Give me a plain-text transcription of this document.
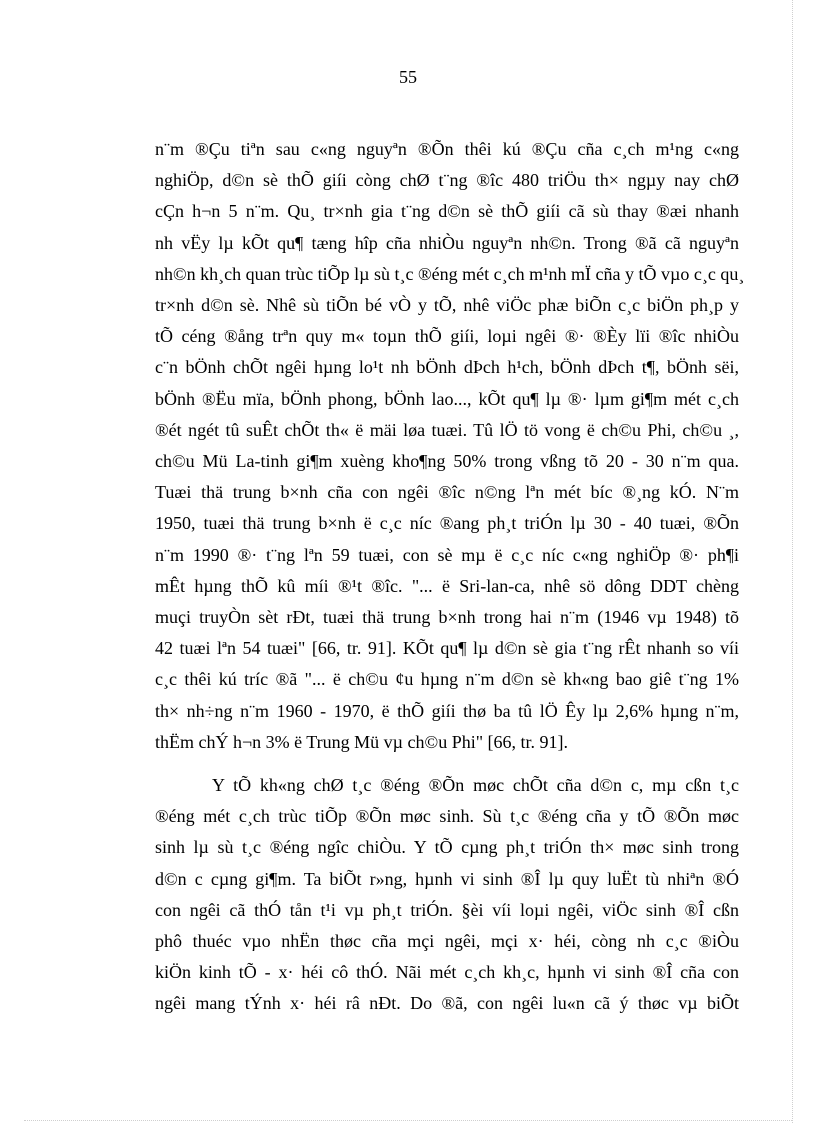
55

n¨m ®Çu tiªn sau c«ng nguyªn ®Õn thêi kú ®Çu cña c¸ch m¹ng c«ng
nghiÖp, d©n sè thÕ giíi còng chØ t¨ng ®îc 480 triÖu th× ngµy nay chØ
cÇn h¬n 5 n¨m. Qu¸ tr×nh gia t¨ng d©n sè thÕ giíi cã sù thay ®æi nhanh
nh vËy lµ kÕt qu¶ tæng hîp cña nhiÒu nguyªn nh©n. Trong ®ã cã nguyªn
nh©n kh¸ch quan trùc tiÕp lµ sù t¸c ®éng mét c¸ch m¹nh mÏ cña y tÕ vµo c¸c qu¸
tr×nh d©n sè. Nhê sù tiÕn bé vÒ y tÕ, nhê viÖc phæ biÕn c¸c biÖn ph¸p y
tÕ céng ®ång trªn quy m« toµn thÕ giíi, loµi ngêi ®· ®Èy lïi ®îc nhiÒu
c¨n bÖnh chÕt ngêi hµng lo¹t nh bÖnh dÞch h¹ch, bÖnh dÞch t¶, bÖnh sëi,
bÖnh ®Ëu mïa, bÖnh phong, bÖnh lao..., kÕt qu¶ lµ ®· lµm gi¶m mét c¸ch
®ét ngét tû suÊt chÕt th« ë mäi løa tuæi. Tû lÖ tö vong ë ch©u Phi, ch©u ¸,
ch©u Mü La-tinh gi¶m xuèng kho¶ng 50% trong vßng tõ 20 - 30 n¨m qua.
Tuæi thä trung b×nh cña con ngêi ®îc n©ng lªn mét bíc ®¸ng kÓ. N¨m
1950, tuæi thä trung b×nh ë c¸c níc ®ang ph¸t triÓn lµ 30 - 40 tuæi, ®Õn
n¨m 1990 ®· t¨ng lªn 59 tuæi, con sè mµ ë c¸c níc c«ng nghiÖp ®· ph¶i
mÊt hµng thÕ kû míi ®¹t ®îc. "... ë Sri-lan-ca, nhê sö dông DDT chèng
muçi truyÒn sèt rÐt, tuæi thä trung b×nh trong hai n¨m (1946 vµ 1948) tõ
42 tuæi lªn 54 tuæi" [66, tr. 91]. KÕt qu¶ lµ d©n sè gia t¨ng rÊt nhanh so víi
c¸c thêi kú tríc ®ã "... ë ch©u ¢u hµng n¨m d©n sè kh«ng bao giê t¨ng 1%
th× nh÷ng n¨m 1960 - 1970, ë thÕ giíi thø ba tû lÖ Êy lµ 2,6% hµng n¨m,
thËm chÝ h¬n 3% ë Trung Mü vµ ch©u Phi" [66, tr. 91].

Y tÕ kh«ng chØ t¸c ®éng ®Õn møc chÕt cña d©n c, mµ cßn t¸c
®éng mét c¸ch trùc tiÕp ®Õn møc sinh. Sù t¸c ®éng cña y tÕ ®Õn møc
sinh lµ sù t¸c ®éng ngîc chiÒu. Y tÕ cµng ph¸t triÓn th× møc sinh trong
d©n c cµng gi¶m. Ta biÕt r»ng, hµnh vi sinh ®Î lµ quy luËt tù nhiªn ®Ó
con ngêi cã thÓ tån t¹i vµ ph¸t triÓn. §èi víi loµi ngêi, viÖc sinh ®Î cßn
phô thuéc vµo nhËn thøc cña mçi ngêi, mçi x· héi, còng nh c¸c ®iÒu
kiÖn kinh tÕ - x· héi cô thÓ. Nãi mét c¸ch kh¸c, hµnh vi sinh ®Î cña con
ngêi mang tÝnh x· héi râ nÐt. Do ®ã, con ngêi lu«n cã ý thøc vµ biÕt
